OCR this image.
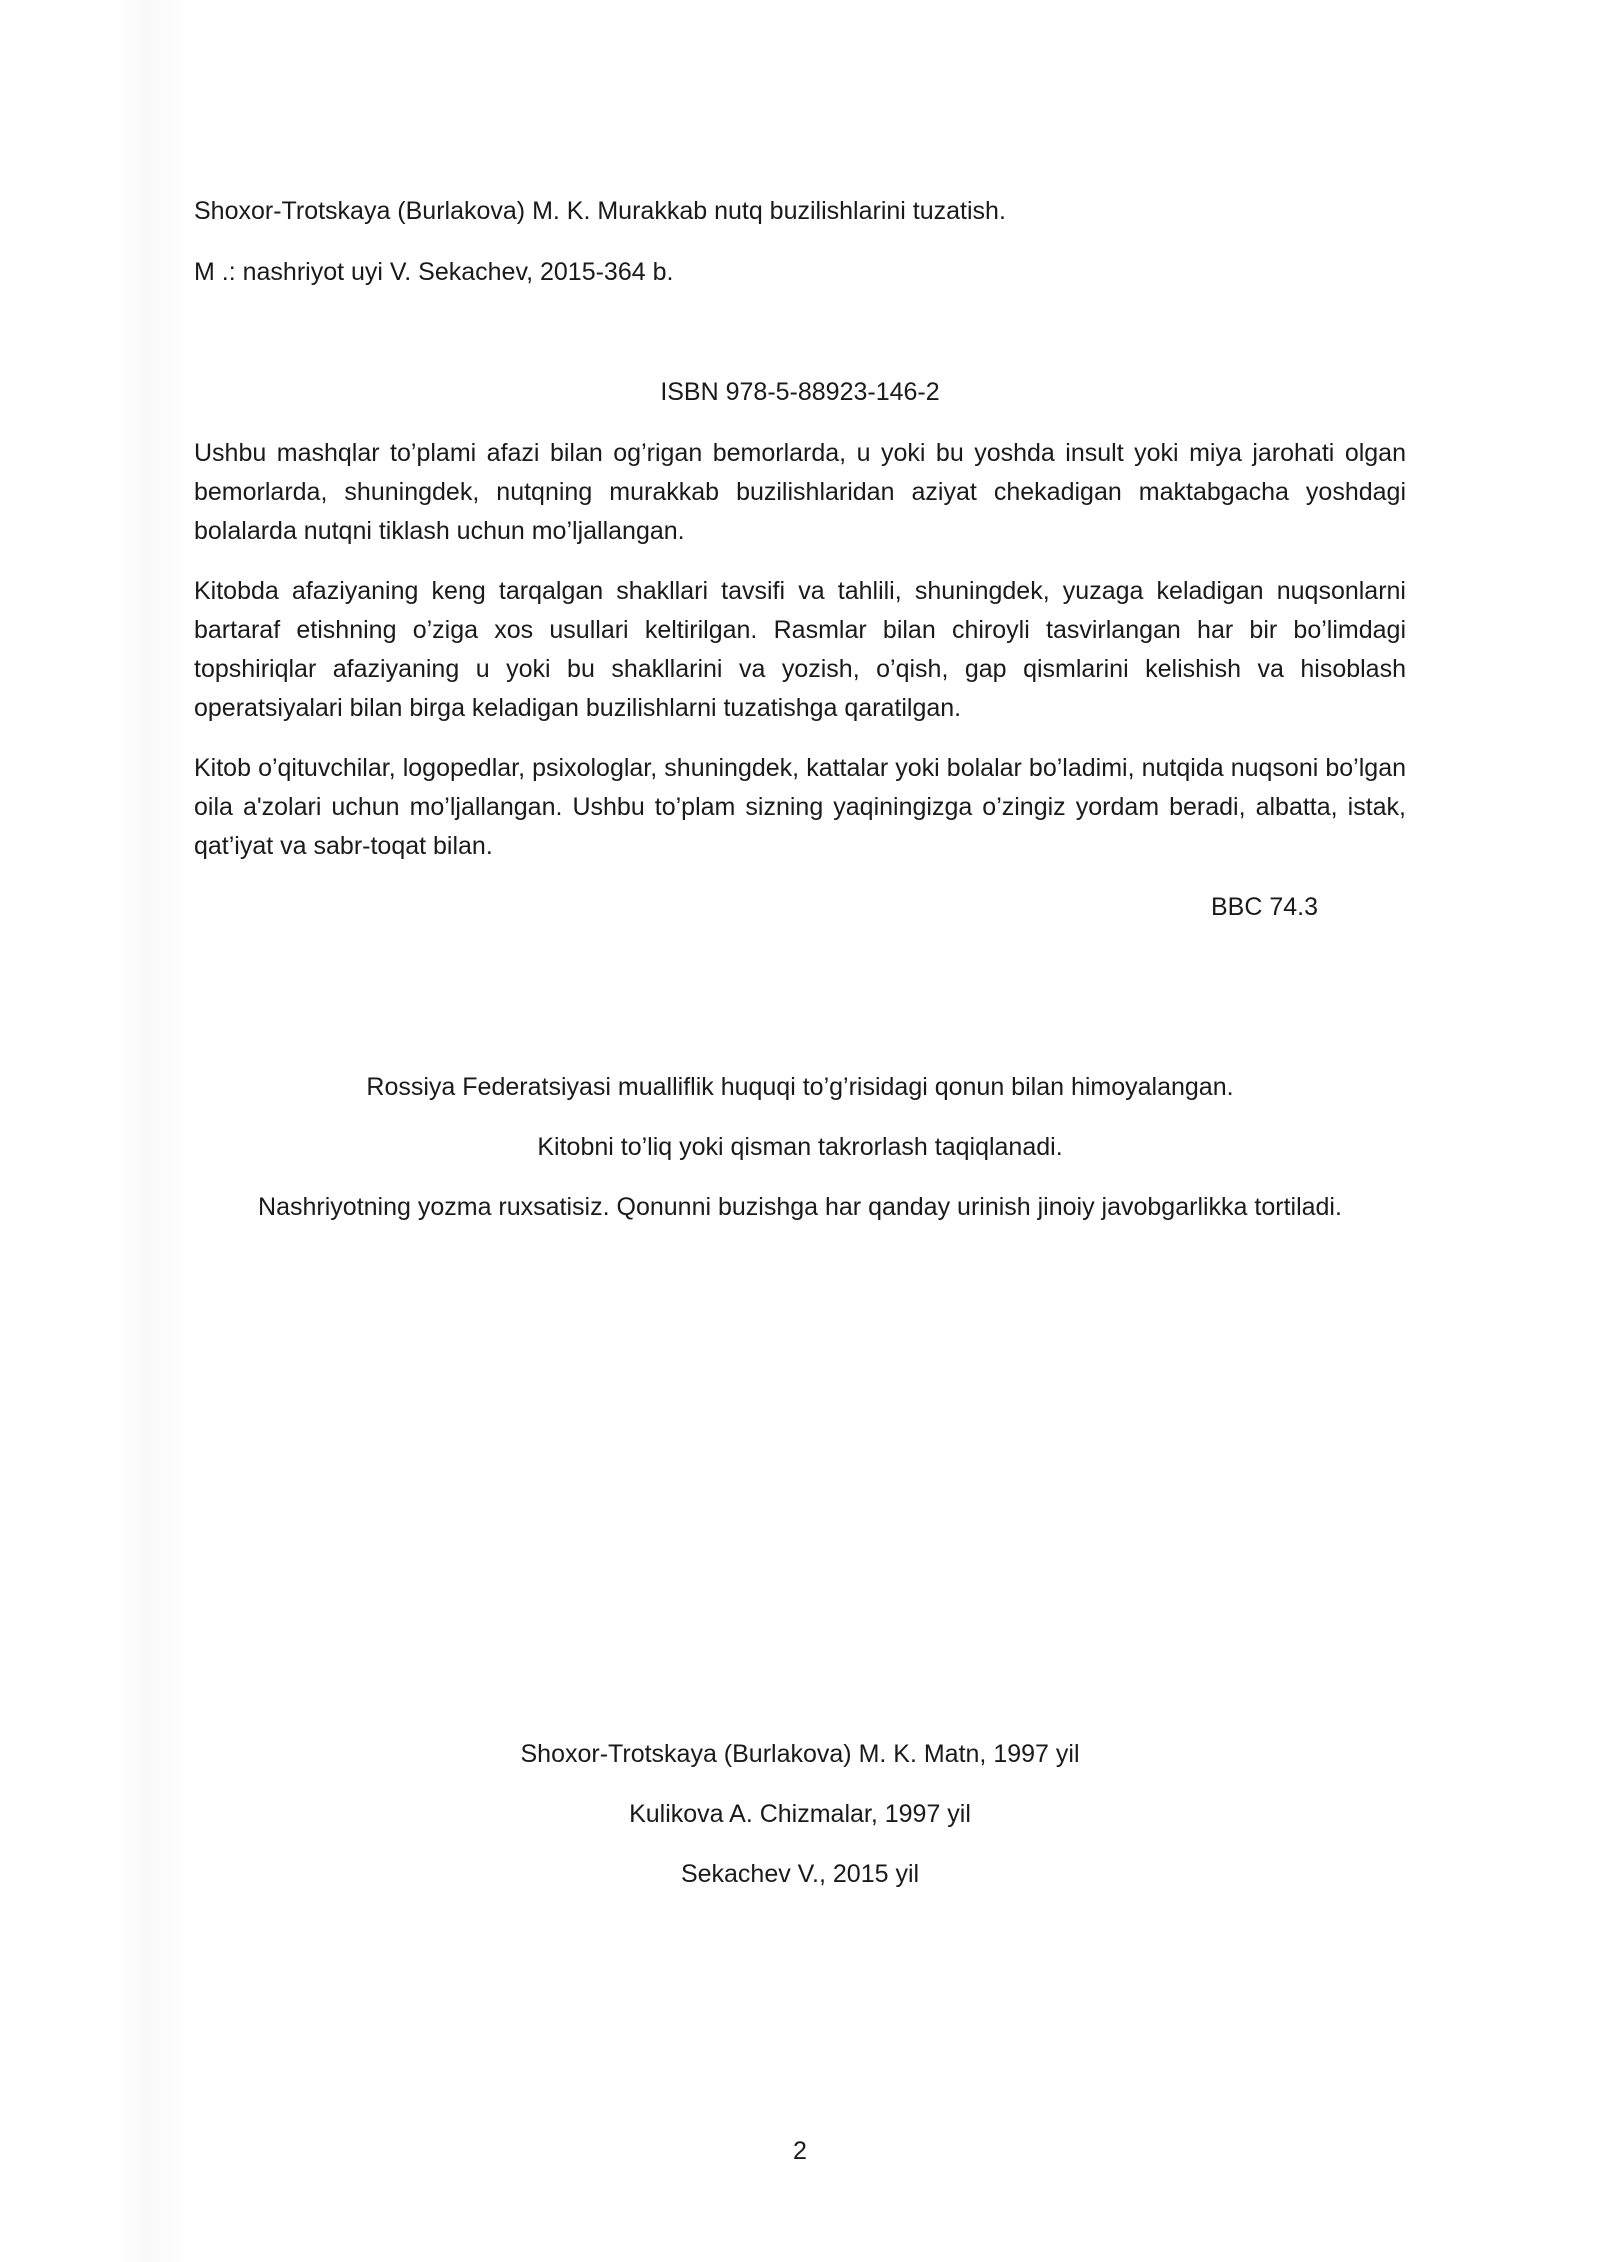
Shoxor-Trotskaya (Burlakova) M. K. Murakkab nutq buzilishlarini tuzatish.

M .: nashriyot uyi V. Sekachev, 2015-364 b.

ISBN 978-5-88923-146-2

Ushbu mashqlar to’plami afazi bilan og’rigan bemorlarda, u yoki bu yoshda insult yoki miya jarohati olgan bemorlarda, shuningdek, nutqning murakkab buzilishlaridan aziyat chekadigan maktabgacha yoshdagi bolalarda nutqni tiklash uchun mo’ljallangan.

Kitobda afaziyaning keng tarqalgan shakllari tavsifi va tahlili, shuningdek, yuzaga keladigan nuqsonlarni bartaraf etishning o’ziga xos usullari keltirilgan. Rasmlar bilan chiroyli tasvirlangan har bir bo’limdagi topshiriqlar afaziyaning u yoki bu shakllarini va yozish, o’qish, gap qismlarini kelishish va hisoblash operatsiyalari bilan birga keladigan buzilishlarni tuzatishga qaratilgan.

Kitob o’qituvchilar, logopedlar, psixologlar, shuningdek, kattalar yoki bolalar bo’ladimi, nutqida nuqsoni bo’lgan oila a'zolari uchun mo’ljallangan. Ushbu to’plam sizning yaqiningizga o’zingiz yordam beradi, albatta, istak, qat’iyat va sabr-toqat bilan.

BBC 74.3

Rossiya Federatsiyasi mualliflik huquqi to’g’risidagi qonun bilan himoyalangan.

Kitobni to’liq yoki qisman takrorlash taqiqlanadi.

Nashriyotning yozma ruxsatisiz. Qonunni buzishga har qanday urinish jinoiy javobgarlikka tortiladi.

Shoxor-Trotskaya (Burlakova) M. K. Matn, 1997 yil

Kulikova A. Chizmalar, 1997 yil

Sekachev V., 2015 yil

2
